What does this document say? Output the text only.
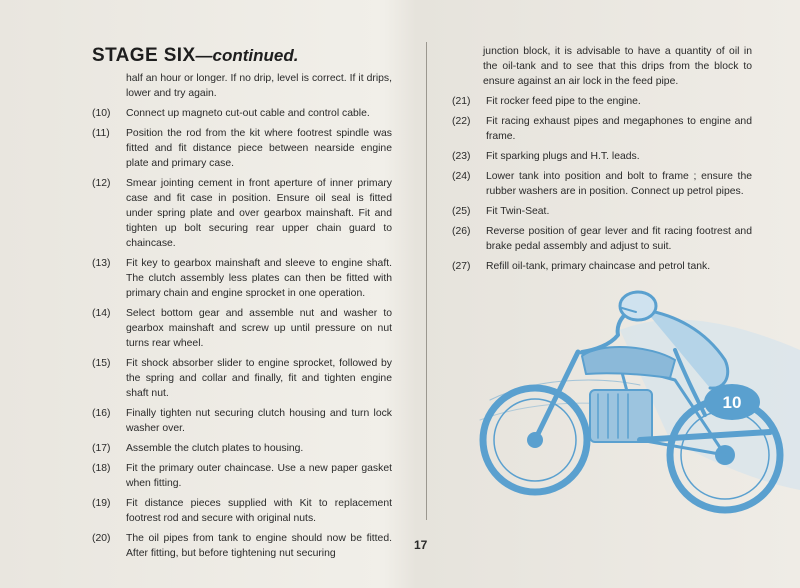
STAGE SIX—continued.
half an hour or longer. If no drip, level is correct. If it drips, lower and try again.
(10)	Connect up magneto cut-out cable and control cable.
(11)	Position the rod from the kit where footrest spindle was fitted and fit distance piece between nearside engine plate and primary case.
(12)	Smear jointing cement in front aperture of inner primary case and fit case in position. Ensure oil seal is fitted under spring plate and over gearbox mainshaft. Fit and tighten up bolt securing rear upper chain guard to chaincase.
(13)	Fit key to gearbox mainshaft and sleeve to engine shaft. The clutch assembly less plates can then be fitted with primary chain and engine sprocket in one operation.
(14)	Select bottom gear and assemble nut and washer to gearbox mainshaft and screw up until pressure on nut turns rear wheel.
(15)	Fit shock absorber slider to engine sprocket, followed by the spring and collar and finally, fit and tighten engine shaft nut.
(16)	Finally tighten nut securing clutch housing and turn lock washer over.
(17)	Assemble the clutch plates to housing.
(18)	Fit the primary outer chaincase. Use a new paper gasket when fitting.
(19)	Fit distance pieces supplied with Kit to replacement footrest rod and secure with original nuts.
(20)	The oil pipes from tank to engine should now be fitted. After fitting, but before tightening nut securing
junction block, it is advisable to have a quantity of oil in the oil-tank and to see that this drips from the block to ensure against an air lock in the feed pipe.
(21)	Fit rocker feed pipe to the engine.
(22)	Fit racing exhaust pipes and megaphones to engine and frame.
(23)	Fit sparking plugs and H.T. leads.
(24)	Lower tank into position and bolt to frame ; ensure the rubber washers are in position. Connect up petrol pipes.
(25)	Fit Twin-Seat.
(26)	Reverse position of gear lever and fit racing footrest and brake pedal assembly and adjust to suit.
(27)	Refill oil-tank, primary chaincase and petrol tank.
10
17
